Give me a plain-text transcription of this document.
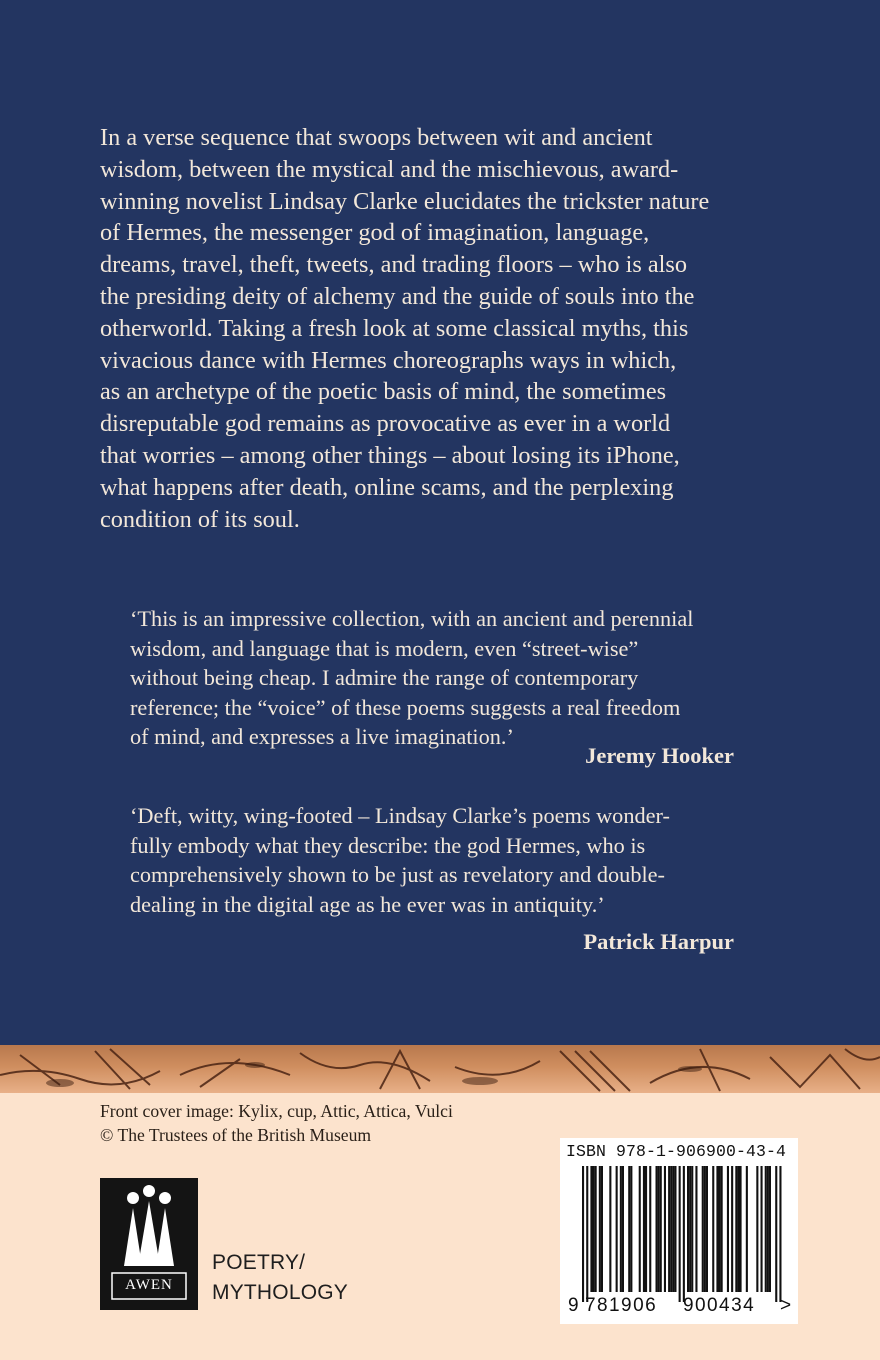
In a verse sequence that swoops between wit and ancient
wisdom, between the mystical and the mischievous, award-
winning novelist Lindsay Clarke elucidates the trickster nature
of Hermes, the messenger god of imagination, language,
dreams, travel, theft, tweets, and trading floors – who is also
the presiding deity of alchemy and the guide of souls into the
otherworld. Taking a fresh look at some classical myths, this
vivacious dance with Hermes choreographs ways in which,
as an archetype of the poetic basis of mind, the sometimes
disreputable god remains as provocative as ever in a world
that worries – among other things – about losing its iPhone,
what happens after death, online scams, and the perplexing
condition of its soul.

‘This is an impressive collection, with an ancient and perennial
wisdom, and language that is modern, even “street-wise”
without being cheap. I admire the range of contemporary
reference; the “voice” of these poems suggests a real freedom
of mind, and expresses a live imagination.’

Jeremy Hooker

‘Deft, witty, wing-footed – Lindsay Clarke’s poems wonder-
fully embody what they describe: the god Hermes, who is
comprehensively shown to be just as revelatory and double-
dealing in the digital age as he ever was in antiquity.’

Patrick Harpur

Front cover image: Kylix, cup, Attic, Attica, Vulci
© The Trustees of the British Museum

AWEN

POETRY/
MYTHOLOGY

ISBN 978-1-906900-43-4
9 781906 900434 >
